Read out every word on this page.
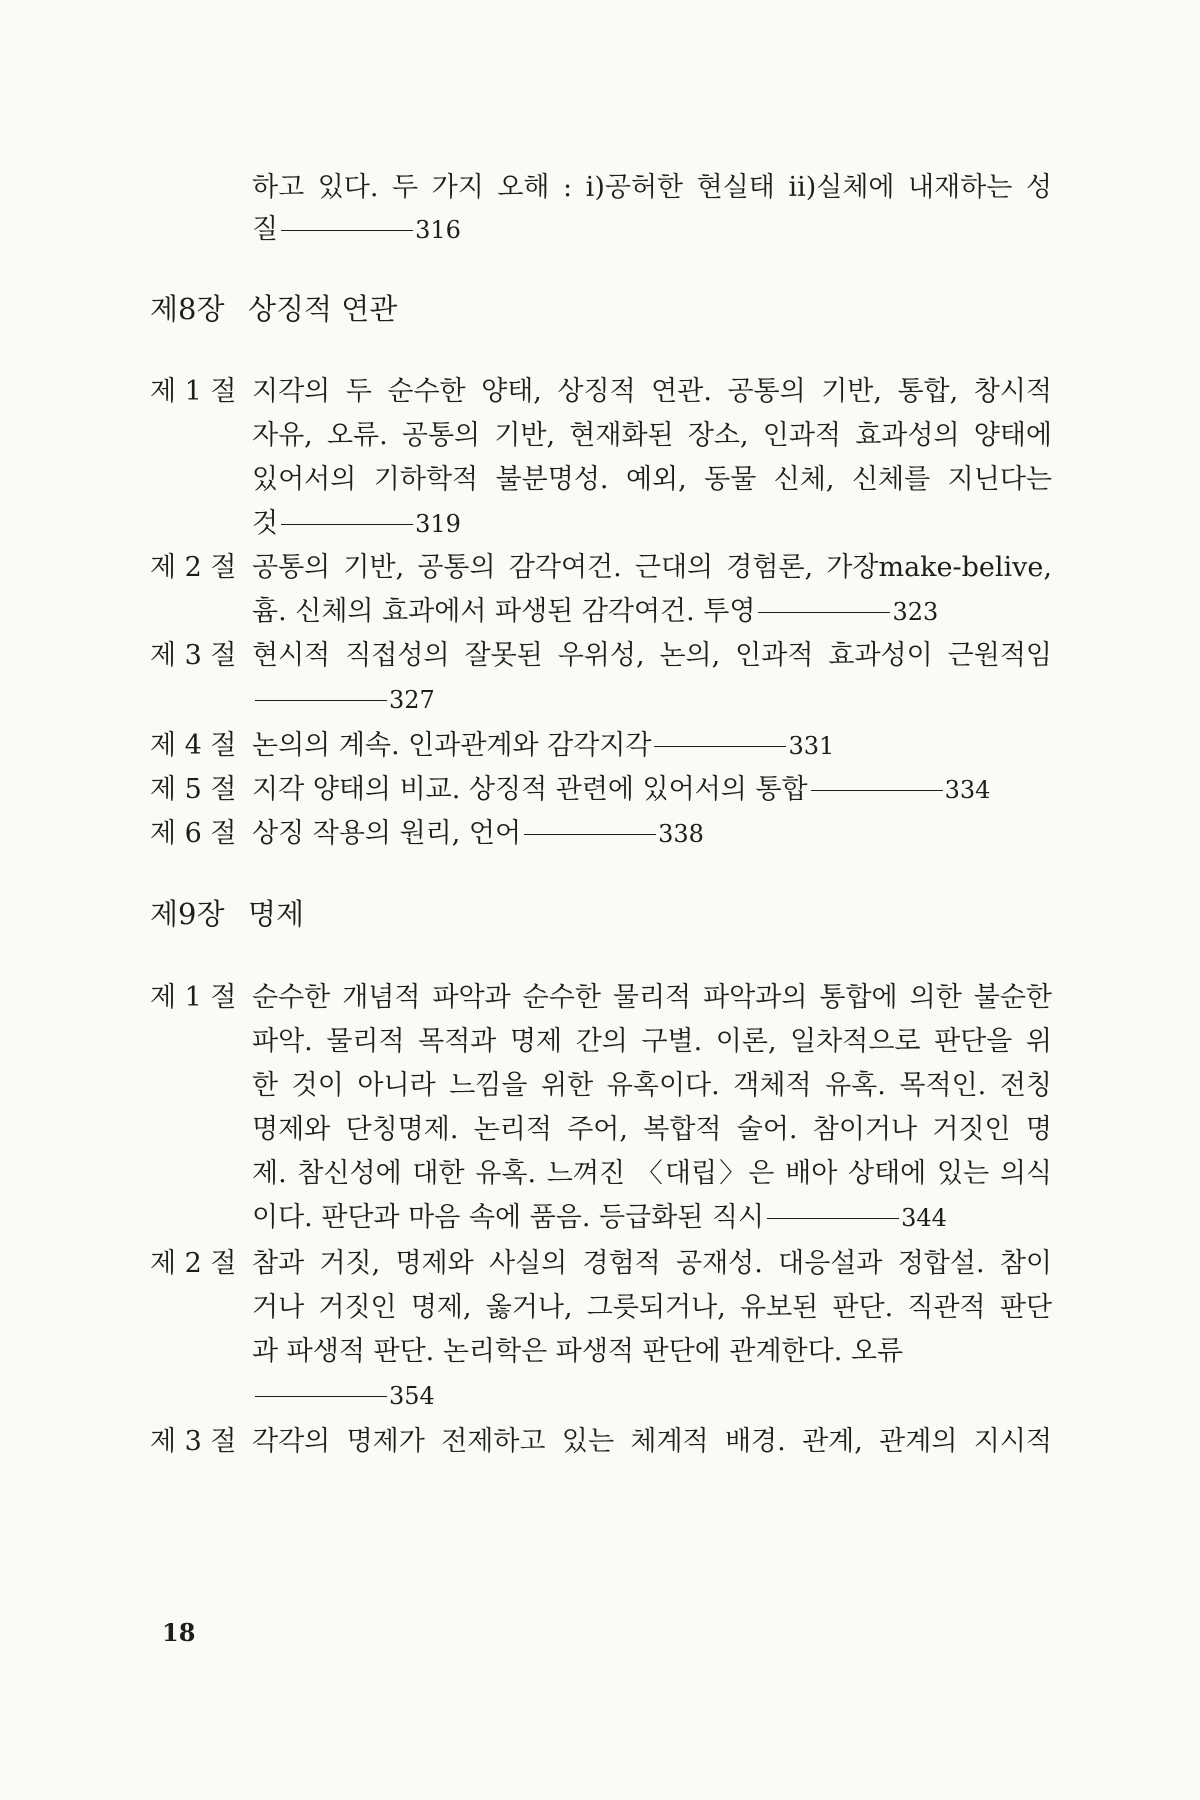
하고 있다. 두 가지 오해 : i)공허한 현실태 ii)실체에 내재하는 성
질	316
제8장 상징적 연관
제 1 절 지각의 두 순수한 양태, 상징적 연관. 공통의 기반, 통합, 창시적
자유, 오류. 공통의 기반, 현재화된 장소, 인과적 효과성의 양태에
있어서의 기하학적 불분명성. 예외, 동물 신체, 신체를 지닌다는
것	319
제 2 절 공통의 기반, 공통의 감각여건. 근대의 경험론, 가장make-belive,
흄. 신체의 효과에서 파생된 감각여건. 투영	323
제 3 절 현시적 직접성의 잘못된 우위성, 논의, 인과적 효과성이 근원적임
327
제 4 절 논의의 계속. 인과관계와 감각지각	331
제 5 절 지각 양태의 비교. 상징적 관련에 있어서의 통합	334
제 6 절 상징 작용의 원리, 언어	338
제9장 명제
제 1 절 순수한 개념적 파악과 순수한 물리적 파악과의 통합에 의한 불순한
파악. 물리적 목적과 명제 간의 구별. 이론, 일차적으로 판단을 위
한 것이 아니라 느낌을 위한 유혹이다. 객체적 유혹. 목적인. 전칭
명제와 단칭명제. 논리적 주어, 복합적 술어. 참이거나 거짓인 명
제. 참신성에 대한 유혹. 느껴진 〈대립〉은 배아 상태에 있는 의식
이다. 판단과 마음 속에 품음. 등급화된 직시	344
제 2 절 참과 거짓, 명제와 사실의 경험적 공재성. 대응설과 정합설. 참이
거나 거짓인 명제, 옳거나, 그릇되거나, 유보된 판단. 직관적 판단
과 파생적 판단. 논리학은 파생적 판단에 관계한다. 오류
354
제 3 절 각각의 명제가 전제하고 있는 체계적 배경. 관계, 관계의 지시적
18
